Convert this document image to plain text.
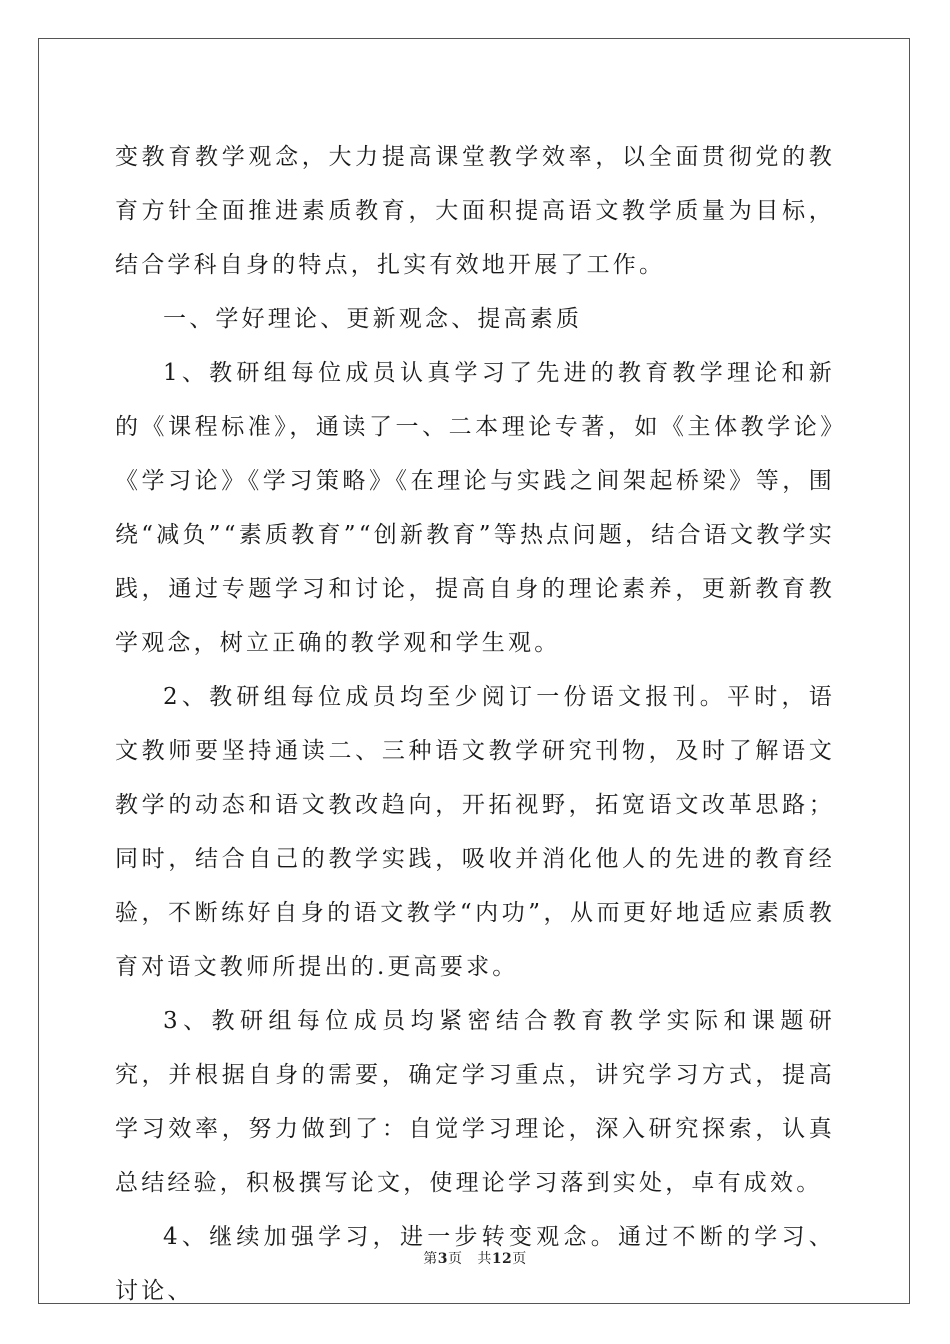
变教育教学观念，大力提高课堂教学效率，以全面贯彻党的教育方针全面推进素质教育，大面积提高语文教学质量为目标，结合学科自身的特点，扎实有效地开展了工作。

一、学好理论、更新观念、提高素质

1、教研组每位成员认真学习了先进的教育教学理论和新的《课程标准》，通读了一、二本理论专著，如《主体教学论》《学习论》《学习策略》《在理论与实践之间架起桥梁》等，围绕“减负”“素质教育”“创新教育”等热点问题，结合语文教学实践，通过专题学习和讨论，提高自身的理论素养，更新教育教学观念，树立正确的教学观和学生观。

2、教研组每位成员均至少阅订一份语文报刊。平时，语文教师要坚持通读二、三种语文教学研究刊物，及时了解语文教学的动态和语文教改趋向，开拓视野，拓宽语文改革思路；同时，结合自己的教学实践，吸收并消化他人的先进的教育经验，不断练好自身的语文教学“内功”，从而更好地适应素质教育对语文教师所提出的.更高要求。

3、教研组每位成员均紧密结合教育教学实际和课题研究，并根据自身的需要，确定学习重点，讲究学习方式，提高学习效率，努力做到了：自觉学习理论，深入研究探索，认真总结经验，积极撰写论文，使理论学习落到实处，卓有成效。

4、继续加强学习，进一步转变观念。通过不断的学习、讨论、

第3页 共12页
